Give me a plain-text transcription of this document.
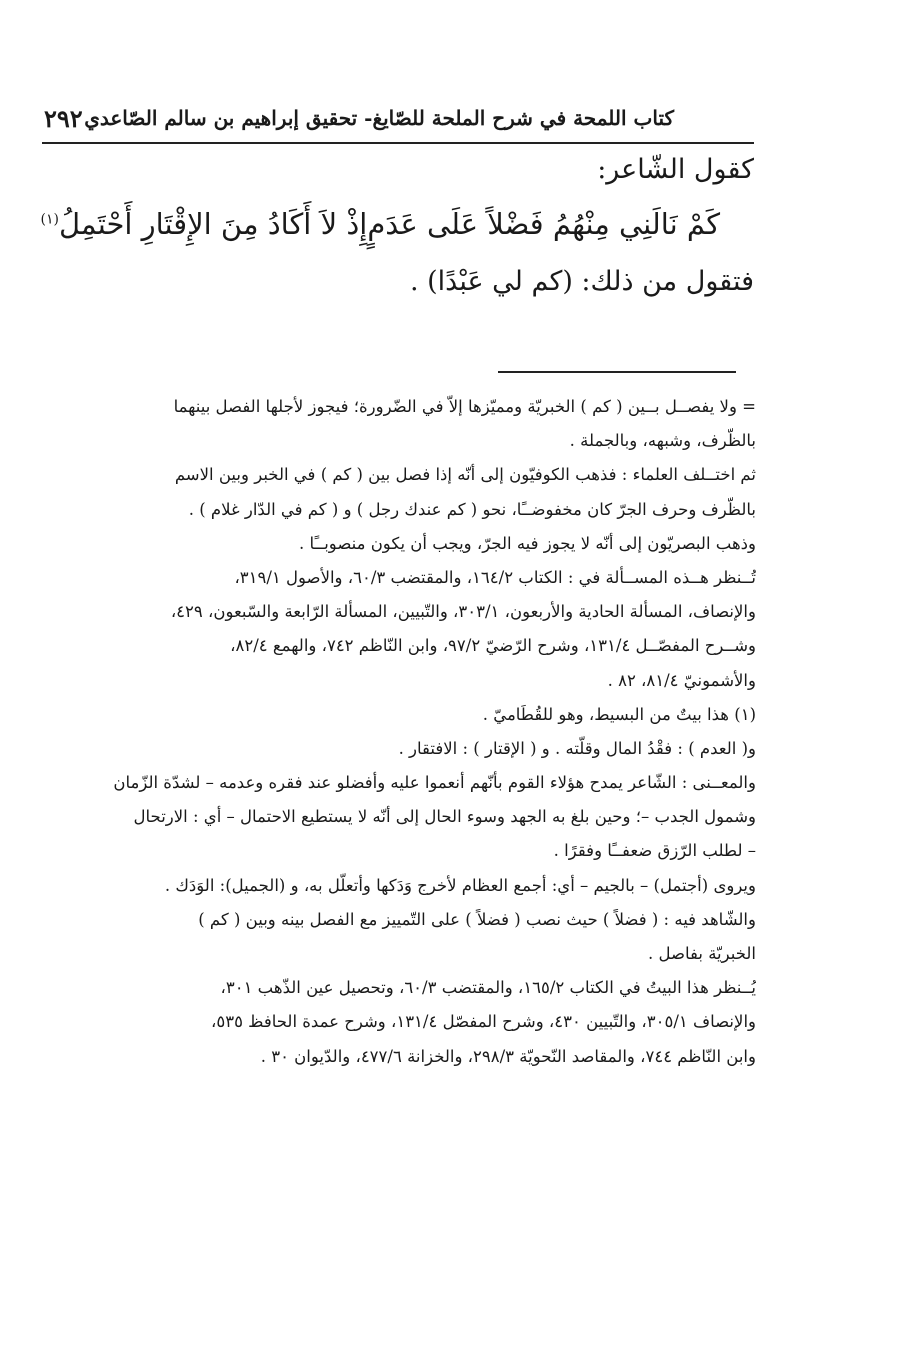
كتاب اللمحة في شرح الملحة للصّايغ- تحقيق إبراهيم بن سالم الصّاعدي
٢٩٢
كقول الشّاعر:
كَمْ نَالَنِي مِنْهُمُ فَضْلاً عَلَى عَدَمٍ
إِذْ لاَ أَكَادُ مِنَ الإِقْتَارِ أَحْتَمِلُ$^{(١)}$
فتقول من ذلك: (كم لي عَبْدًا) .
= ولا يفصــل بــين ( كم ) الخبريّة ومميّزها إلاّ في الضّرورة؛ فيجوز لأجلها الفصل بينهما
بالظّرف، وشبهه، وبالجملة .
ثم اختــلف العلماء : فذهب الكوفيّون إلى أنّه إذا فصل بين ( كم ) في الخبر وبين الاسم
بالظّرف وحرف الجرّ كان مخفوضــًا، نحو ( كم عندك رجل ) و ( كم في الدّار غلام ) .
وذهب البصريّون إلى أنّه لا يجوز فيه الجرّ، ويجب أن يكون منصوبــًا .
تُــنظر هــذه المســألة في : الكتاب ١٦٤/٢، والمقتضب ٦٠/٣، والأصول ٣١٩/١،
والإنصاف، المسألة الحادية والأربعون، ٣٠٣/١، والتّبيين، المسألة الرّابعة والسّبعون، ٤٢٩،
وشــرح المفصّــل ١٣١/٤، وشرح الرّضيّ ٩٧/٢، وابن النّاظم ٧٤٢، والهمع ٨٢/٤،
والأشمونيّ ٨١/٤، ٨٢ .
(١) هذا بيتٌ من البسيط، وهو للقُطَاميّ .
و( العدم ) : فقْدُ المال وقلّته . و ( الإقتار ) : الافتقار .
والمعــنى : الشّاعر يمدح هؤلاء القوم بأنّهم أنعموا عليه وأفضلو عند فقره وعدمه – لشدّة الزّمان
وشمول الجدب –؛ وحين بلغ به الجهد وسوء الحال إلى أنّه لا يستطيع الاحتمال – أي : الارتحال
– لطلب الرّزق ضعفــًا وفقرًا .
ويروى (أجتمل) – بالجيم – أي: أجمع العظام لأخرج وَدَكها وأتعلّل به، و (الجميل): الوَدَك .
والشّاهد فيه : ( فضلاً ) حيث نصب ( فضلاً ) على التّمييز مع الفصل بينه وبين ( كم )
الخبريّة بفاصل .
يُــنظر هذا البيتُ في الكتاب ١٦٥/٢، والمقتضب ٦٠/٣، وتحصيل عين الذّهب ٣٠١،
والإنصاف ٣٠٥/١، والتّبيين ٤٣٠، وشرح المفصّل ١٣١/٤، وشرح عمدة الحافظ ٥٣٥،
وابن النّاظم ٧٤٤، والمقاصد النّحويّة ٢٩٨/٣، والخزانة ٤٧٧/٦، والدّيوان ٣٠ .
